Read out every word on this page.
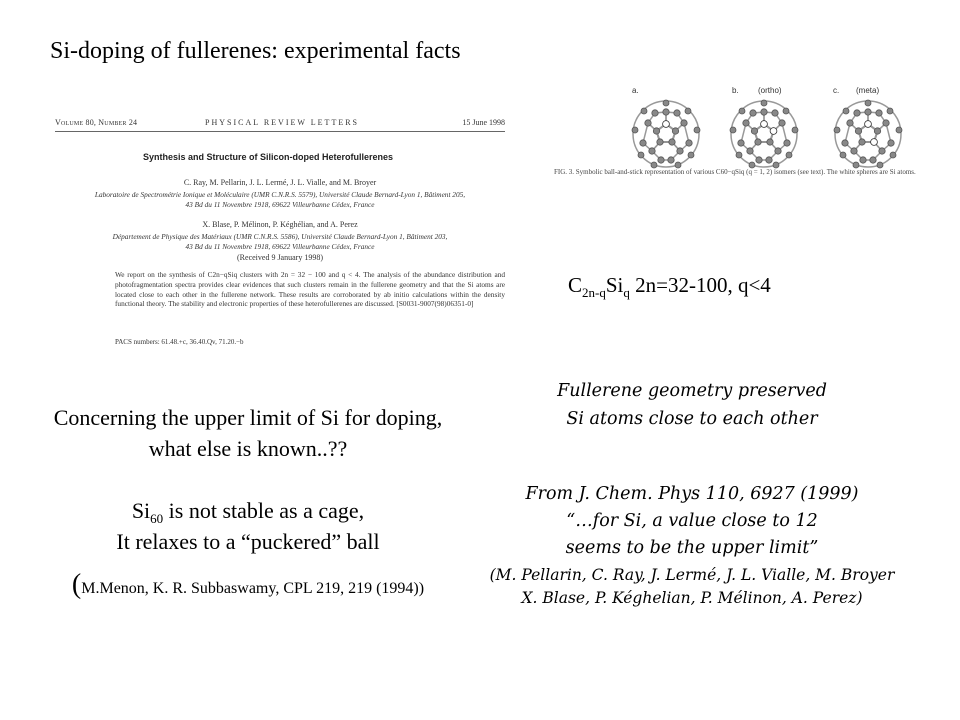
Si-doping of fullerenes: experimental facts
Volume 80, Number 24	PHYSICAL REVIEW LETTERS	15 June 1998
Synthesis and Structure of Silicon-doped Heterofullerenes
C. Ray, M. Pellarin, J. L. Lermé, J. L. Vialle, and M. Broyer
Laboratoire de Spectrométrie Ionique et Moléculaire (UMR C.N.R.S. 5579), Université Claude Bernard-Lyon 1, Bâtiment 205,
43 Bd du 11 Novembre 1918, 69622 Villeurbanne Cédex, France
X. Blase, P. Mélinon, P. Kéghélian, and A. Perez
Département de Physique des Matériaux (UMR C.N.R.S. 5586), Université Claude Bernard-Lyon 1, Bâtiment 203,
43 Bd du 11 Novembre 1918, 69622 Villeurbanne Cédex, France
(Received 9 January 1998)
We report on the synthesis of C2n−qSiq clusters with 2n = 32 − 100 and q < 4. The analysis of the abundance distribution and photofragmentation spectra provides clear evidences that such clusters remain in the fullerene geometry and that the Si atoms are located close to each other in the fullerene network. These results are corroborated by ab initio calculations within the density functional theory. The stability and electronic properties of these heterofullerenes are discussed. [S0031-9007(98)06351-0]
PACS numbers: 61.48.+c, 36.40.Qv, 71.20.−b
a.	b. (ortho)	c. (meta)
FIG. 3. Symbolic ball-and-stick representation of various C60−qSiq (q = 1, 2) isomers (see text). The white spheres are Si atoms.
$C_{2n-q}Si_q$ 2n=32-100, q<4
Concerning the upper limit of Si for doping,
what else is known..??
$Si_{60}$ is not stable as a cage,
It relaxes to a “puckered” ball
(M.Menon, K. R. Subbaswamy, CPL 219, 219 (1994))
Fullerene geometry preserved
Si atoms close to each other
From J. Chem. Phys 110, 6927 (1999)
“…for Si, a value close to 12
seems to be the upper limit”
(M. Pellarin, C. Ray, J. Lermé, J. L. Vialle, M. Broyer
X. Blase, P. Kéghelian, P. Mélinon, A. Perez)
